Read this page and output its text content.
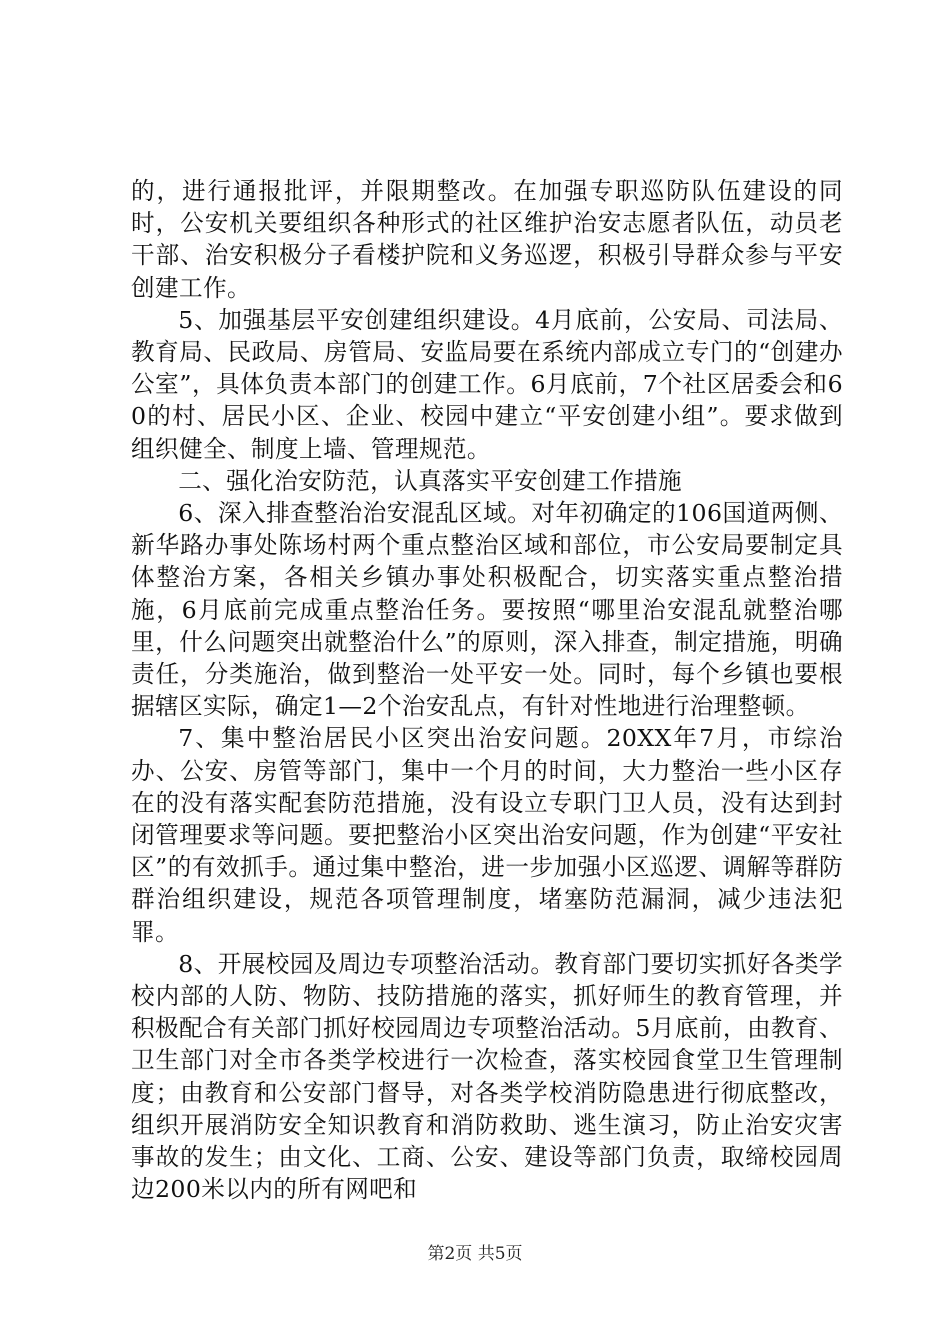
的，进行通报批评，并限期整改。在加强专职巡防队伍建设的同时，公安机关要组织各种形式的社区维护治安志愿者队伍，动员老干部、治安积极分子看楼护院和义务巡逻，积极引导群众参与平安创建工作。

5、加强基层平安创建组织建设。4月底前，公安局、司法局、教育局、民政局、房管局、安监局要在系统内部成立专门的“创建办公室”，具体负责本部门的创建工作。6月底前，7个社区居委会和60的村、居民小区、企业、校园中建立“平安创建小组”。要求做到组织健全、制度上墙、管理规范。

二、强化治安防范，认真落实平安创建工作措施

6、深入排查整治治安混乱区域。对年初确定的106国道两侧、新华路办事处陈场村两个重点整治区域和部位，市公安局要制定具体整治方案，各相关乡镇办事处积极配合，切实落实重点整治措施，6月底前完成重点整治任务。要按照“哪里治安混乱就整治哪里，什么问题突出就整治什么”的原则，深入排查，制定措施，明确责任，分类施治，做到整治一处平安一处。同时，每个乡镇也要根据辖区实际，确定1—2个治安乱点，有针对性地进行治理整顿。

7、集中整治居民小区突出治安问题。20XX年7月，市综治办、公安、房管等部门，集中一个月的时间，大力整治一些小区存在的没有落实配套防范措施，没有设立专职门卫人员，没有达到封闭管理要求等问题。要把整治小区突出治安问题，作为创建“平安社区”的有效抓手。通过集中整治，进一步加强小区巡逻、调解等群防群治组织建设，规范各项管理制度，堵塞防范漏洞，减少违法犯罪。

8、开展校园及周边专项整治活动。教育部门要切实抓好各类学校内部的人防、物防、技防措施的落实，抓好师生的教育管理，并积极配合有关部门抓好校园周边专项整治活动。5月底前，由教育、卫生部门对全市各类学校进行一次检查，落实校园食堂卫生管理制度；由教育和公安部门督导，对各类学校消防隐患进行彻底整改，组织开展消防安全知识教育和消防救助、逃生演习，防止治安灾害事故的发生；由文化、工商、公安、建设等部门负责，取缔校园周边200米以内的所有网吧和

第2页 共5页
